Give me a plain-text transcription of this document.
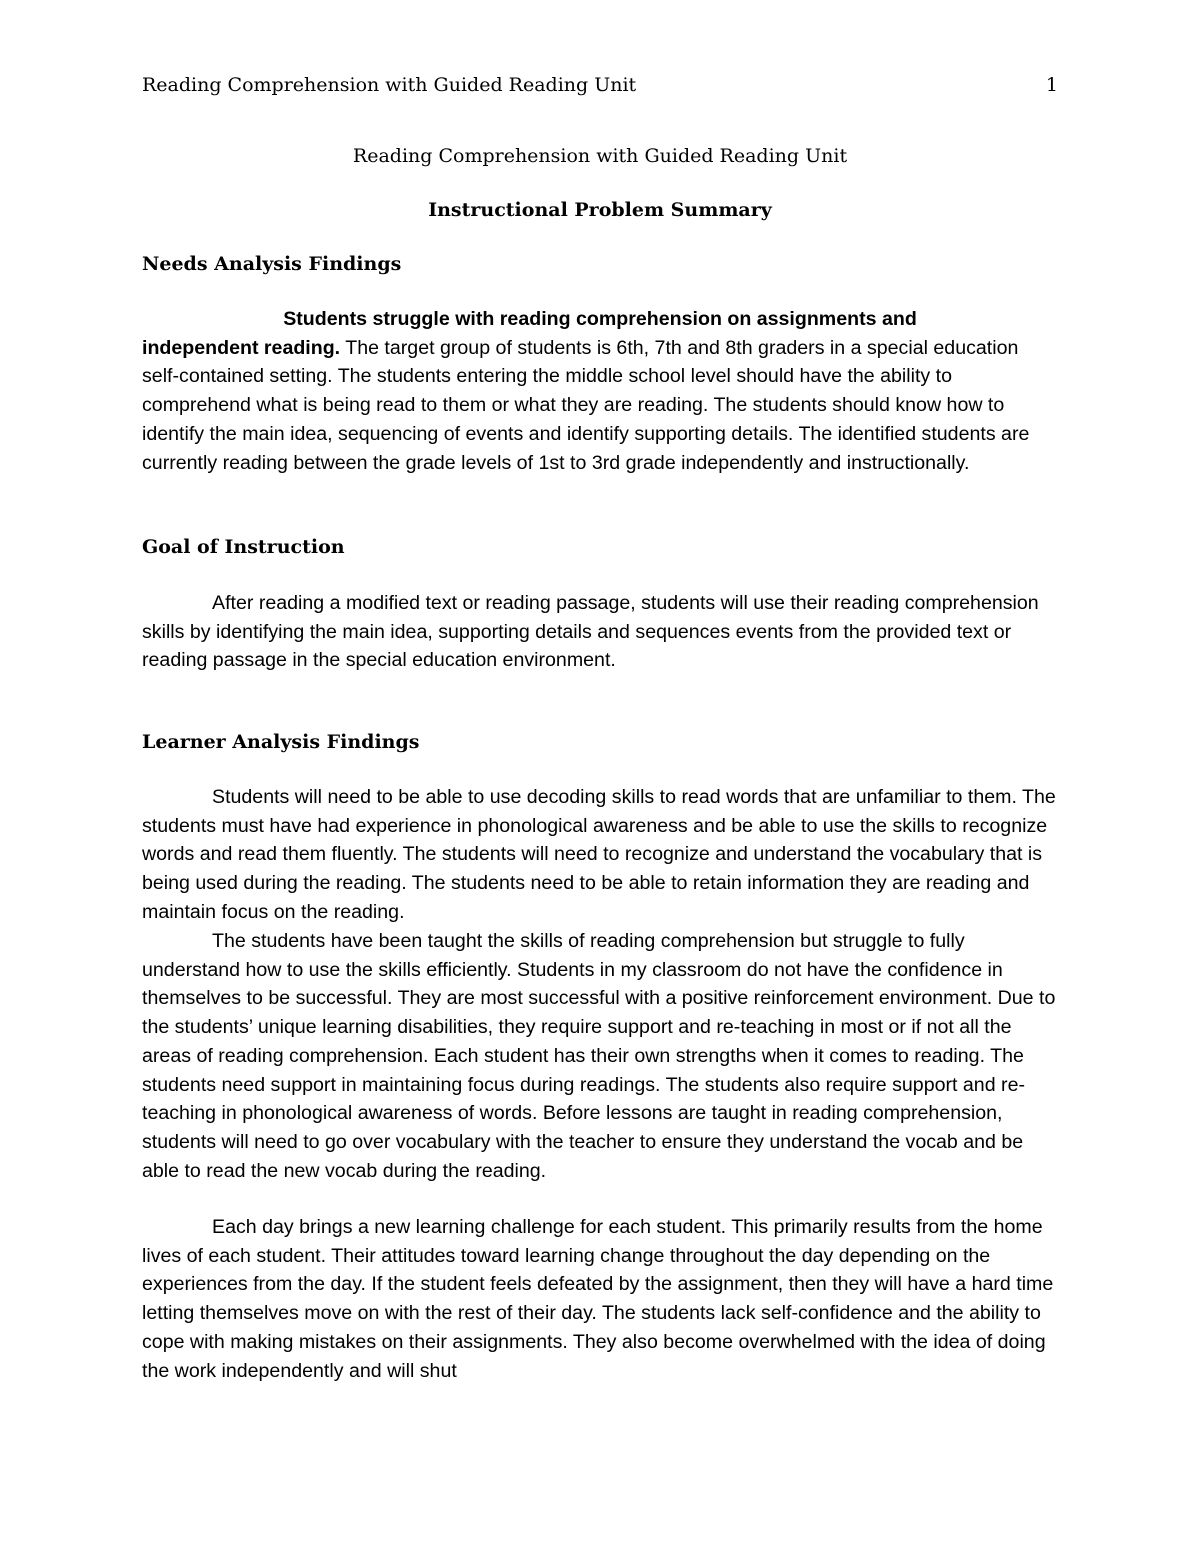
Reading Comprehension with Guided Reading Unit	1
Reading Comprehension with Guided Reading Unit
Instructional Problem Summary
Needs Analysis Findings
Students struggle with reading comprehension on assignments and
independent reading. The target group of students is 6th, 7th and 8th graders in a special education self-contained setting. The students entering the middle school level should have the ability to comprehend what is being read to them or what they are reading. The students should know how to identify the main idea, sequencing of events and identify supporting details. The identified students are currently reading between the grade levels of 1st to 3rd grade independently and instructionally.
Goal of Instruction
After reading a modified text or reading passage, students will use their reading comprehension skills by identifying the main idea, supporting details and sequences events from the provided text or reading passage in the special education environment.
Learner Analysis Findings
Students will need to be able to use decoding skills to read words that are unfamiliar to them. The students must have had experience in phonological awareness and be able to use the skills to recognize words and read them fluently. The students will need to recognize and understand the vocabulary that is being used during the reading. The students need to be able to retain information they are reading and maintain focus on the reading.
The students have been taught the skills of reading comprehension but struggle to fully understand how to use the skills efficiently. Students in my classroom do not have the confidence in themselves to be successful. They are most successful with a positive reinforcement environment. Due to the students’ unique learning disabilities, they require support and re-teaching in most or if not all the areas of reading comprehension. Each student has their own strengths when it comes to reading. The students need support in maintaining focus during readings. The students also require support and re-teaching in phonological awareness of words. Before lessons are taught in reading comprehension, students will need to go over vocabulary with the teacher to ensure they understand the vocab and be able to read the new vocab during the reading.
Each day brings a new learning challenge for each student. This primarily results from the home lives of each student. Their attitudes toward learning change throughout the day depending on the experiences from the day. If the student feels defeated by the assignment, then they will have a hard time letting themselves move on with the rest of their day. The students lack self-confidence and the ability to cope with making mistakes on their assignments. They also become overwhelmed with the idea of doing the work independently and will shut
